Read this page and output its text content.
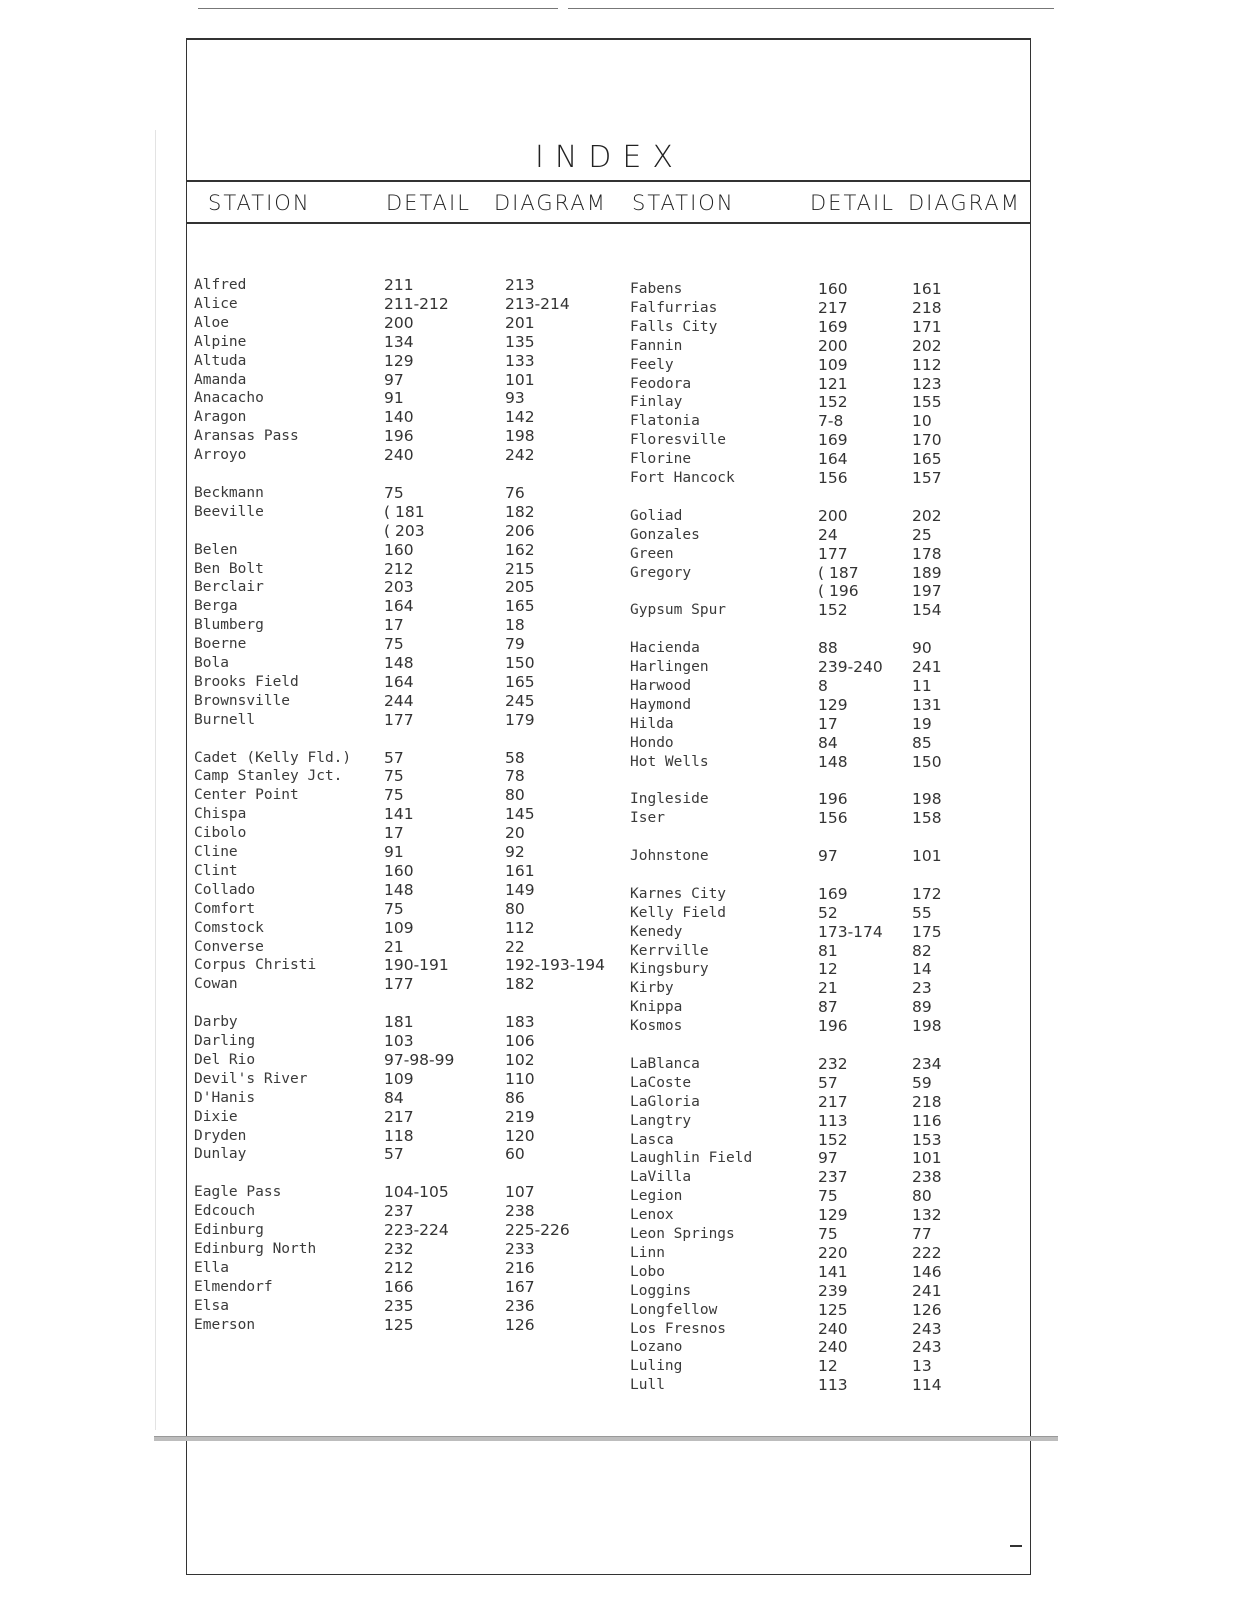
INDEX
STATION	DETAIL DIAGRAM STATION	DETAIL DIAGRAM
Alfred	211	213
Alice	211-212	213-214
Aloe	200	201
Alpine	134	135
Altuda	129	133
Amanda	97	101
Anacacho	91	93
Aragon	140	142
Aransas Pass	196	198
Arroyo	240	242
Beckmann	75	76
Beeville	( 181	182
( 203	206
Belen	160	162
Ben Bolt	212	215
Berclair	203	205
Berga	164	165
Blumberg	17	18
Boerne	75	79
Bola	148	150
Brooks Field	164	165
Brownsville	244	245
Burnell	177	179
Cadet (Kelly Fld.) 57	58
Camp Stanley Jct.	75	78
Center Point	75	80
Chispa	141	145
Cibolo	17	20
Cline	91	92
Clint	160	161
Collado	148	149
Comfort	75	80
Comstock	109	112
Converse	21	22
Corpus Christi	190-191	192-193-194
Cowan	177	182
Darby	181	183
Darling	103	106
Del Rio	97-98-99	102
Devil's River	109	110
D'Hanis	84	86
Dixie	217	219
Dryden	118	120
Dunlay	57	60
Eagle Pass	104-105	107
Edcouch	237	238
Edinburg	223-224	225-226
Edinburg North	232	233
Ella	212	216
Elmendorf	166	167
Elsa	235	236
Emerson	125	126
Fabens	160	161
Falfurrias	217	218
Falls City	169	171
Fannin	200	202
Feely	109	112
Feodora	121	123
Finlay	152	155
Flatonia	7-8	10
Floresville	169	170
Florine	164	165
Fort Hancock	156	157
Goliad	200	202
Gonzales	24	25
Green	177	178
Gregory	( 187	189
( 196	197
Gypsum Spur	152	154
Hacienda	88	90
Harlingen	239-240 241
Harwood	8	11
Haymond	129	131
Hilda	17	19
Hondo	84	85
Hot Wells	148	150
Ingleside	196	198
Iser	156	158
Johnstone	97	101
Karnes City	169	172
Kelly Field	52	55
Kenedy	173-174 175
Kerrville	81	82
Kingsbury	12	14
Kirby	21	23
Knippa	87	89
Kosmos	196	198
LaBlanca	232	234
LaCoste	57	59
LaGloria	217	218
Langtry	113	116
Lasca	152	153
Laughlin Field	97	101
LaVilla	237	238
Legion	75	80
Lenox	129	132
Leon Springs	75	77
Linn	220	222
Lobo	141	146
Loggins	239	241
Longfellow	125	126
Los Fresnos	240	243
Lozano	240	243
Luling	12	13
Lull	113	114
